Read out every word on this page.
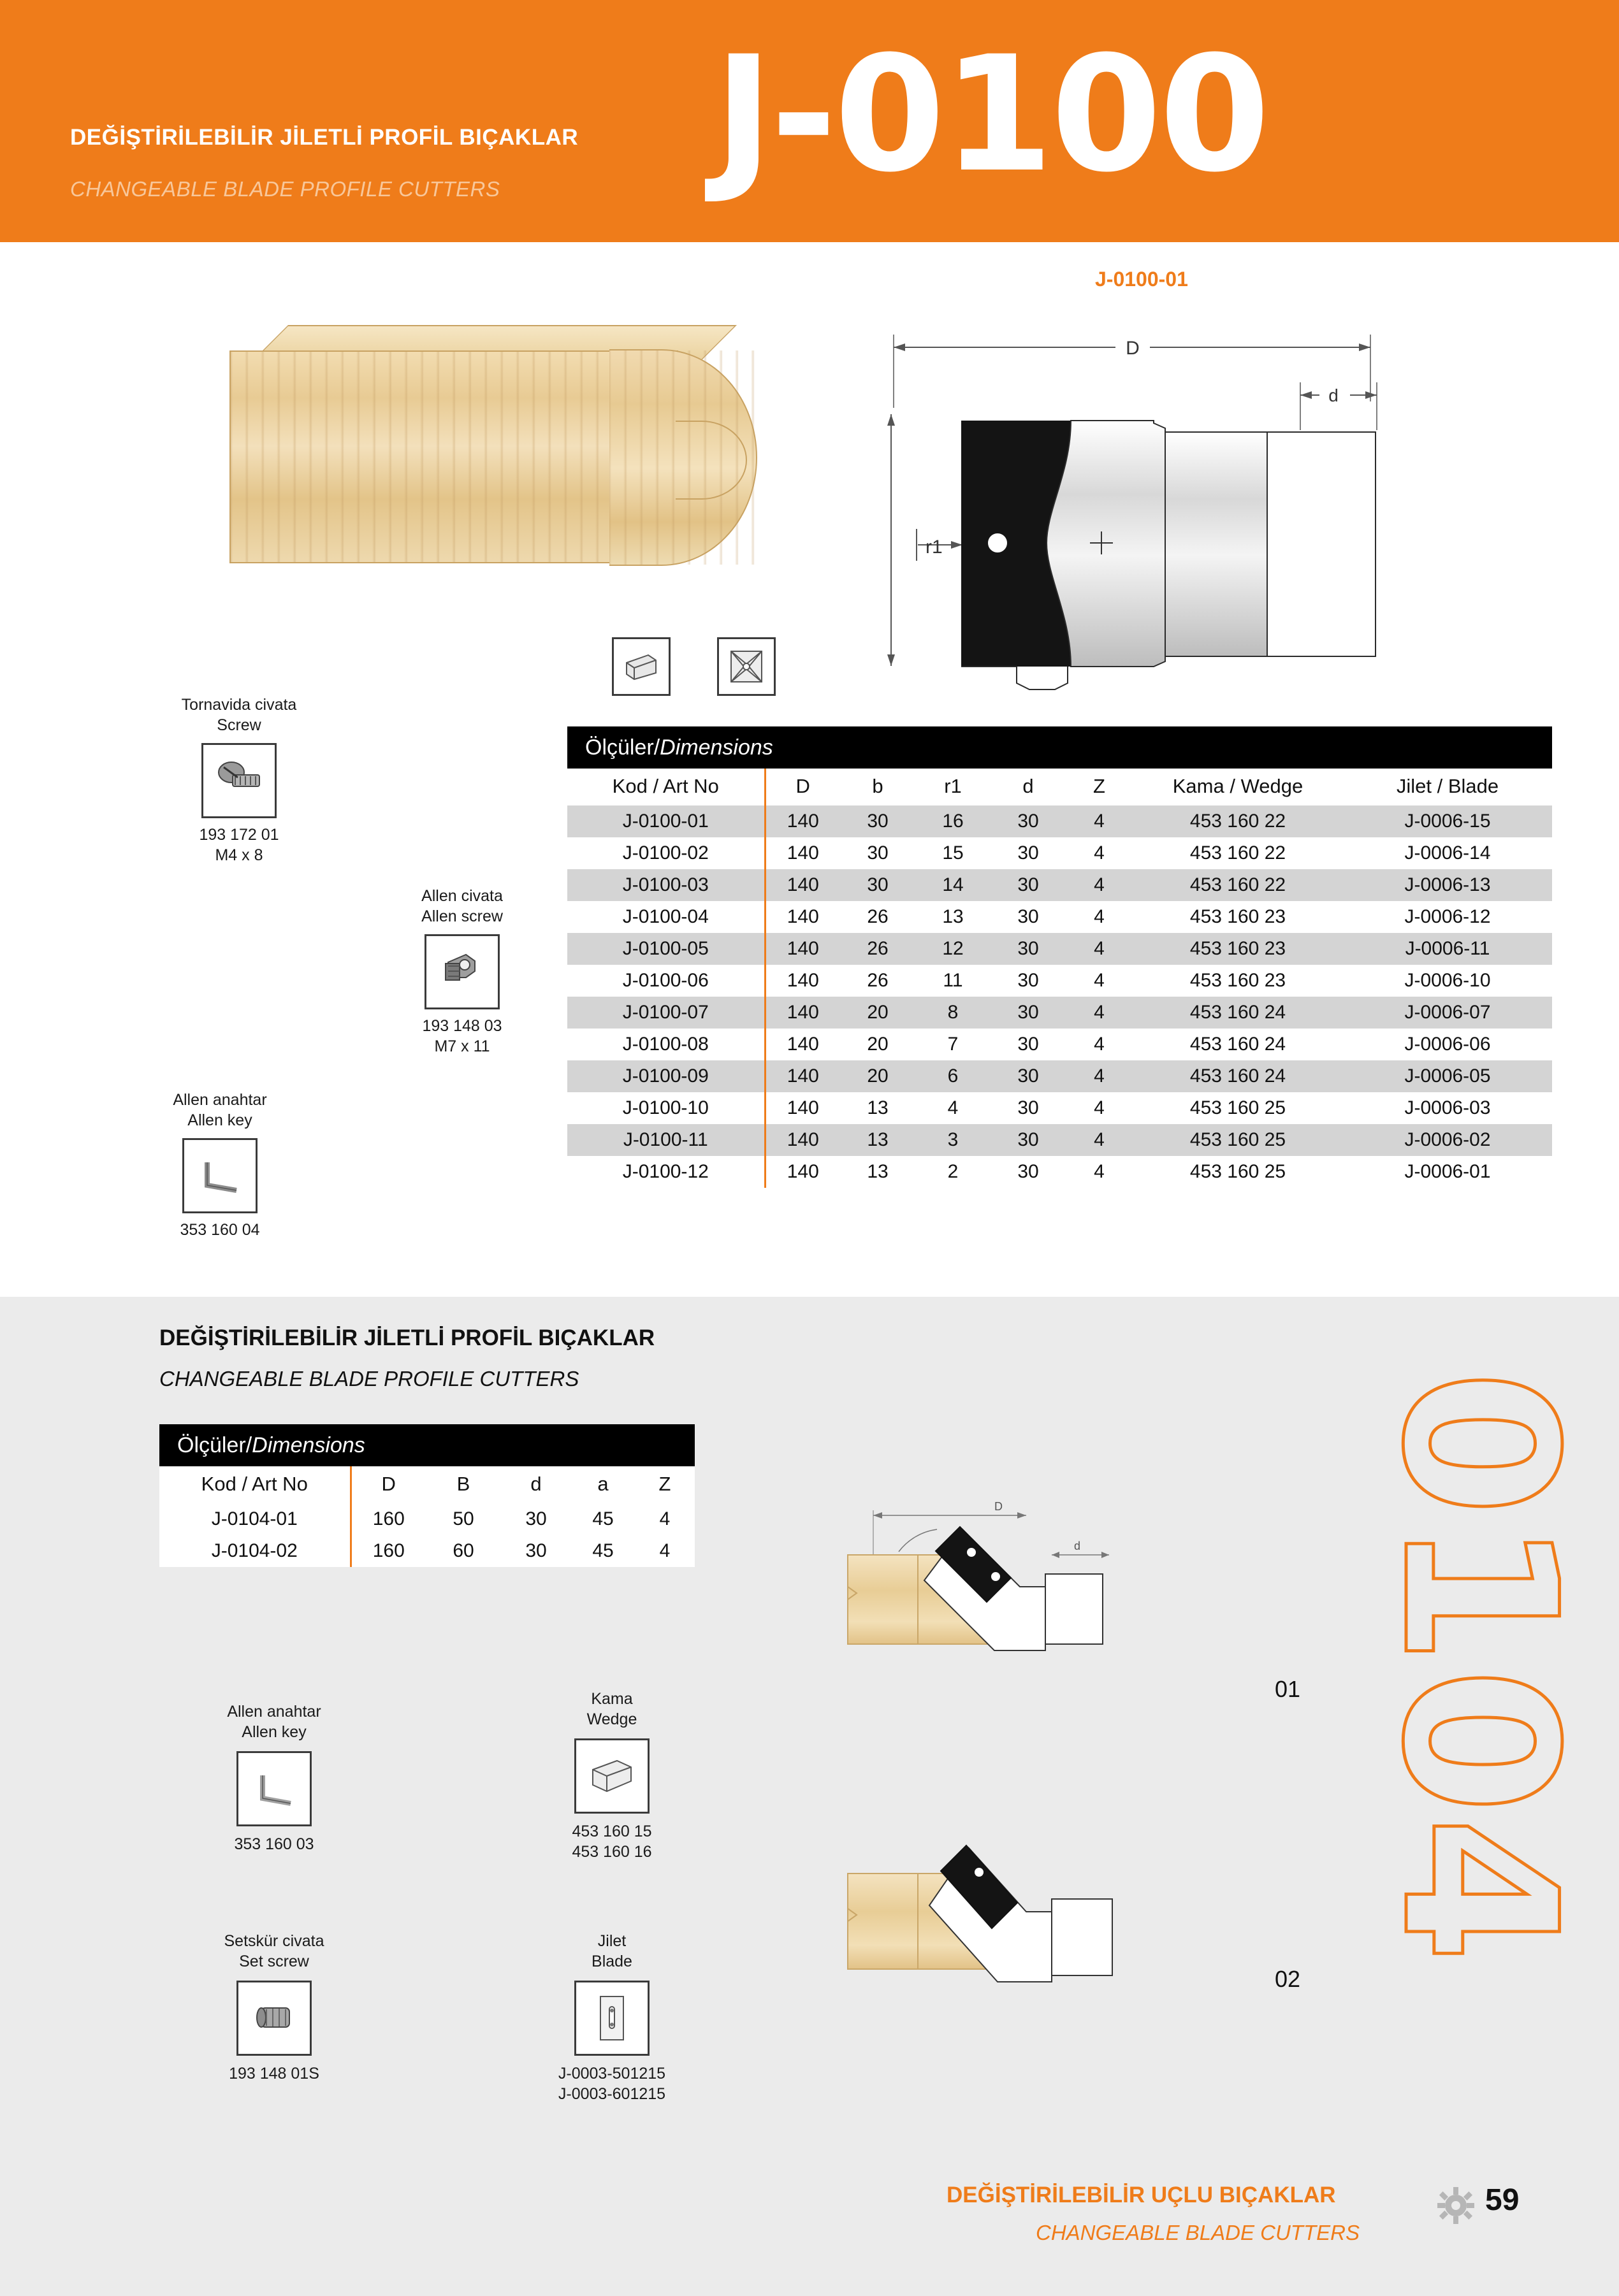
DEĞİŞTİRİLEBİLİR JİLETLİ PROFİL BIÇAKLAR
CHANGEABLE BLADE PROFILE CUTTERS J-0100
J-0100-01
D
d
r1
Tornavida civata
Screw
193 172 01
M4 x 8
Allen civata
Allen screw
193 148 03
M7 x 11
Allen anahtar
Allen key
353 160 04
Ölçüler / Dimensions
Kod / Art No	D	b	r1	d	Z	Kama / Wedge	Jilet / Blade
J-0100-01	140	30	16	30	4	453 160 22	J-0006-15
J-0100-02	140	30	15	30	4	453 160 22	J-0006-14
J-0100-03	140	30	14	30	4	453 160 22	J-0006-13
J-0100-04	140	26	13	30	4	453 160 23	J-0006-12
J-0100-05	140	26	12	30	4	453 160 23	J-0006-11
J-0100-06	140	26	11	30	4	453 160 23	J-0006-10
J-0100-07	140	20	8	30	4	453 160 24	J-0006-07
J-0100-08	140	20	7	30	4	453 160 24	J-0006-06
J-0100-09	140	20	6	30	4	453 160 24	J-0006-05
J-0100-10	140	13	4	30	4	453 160 25	J-0006-03
J-0100-11	140	13	3	30	4	453 160 25	J-0006-02
J-0100-12	140	13	2	30	4	453 160 25	J-0006-01
DEĞİŞTİRİLEBİLİR JİLETLİ PROFİL BIÇAKLAR
CHANGEABLE BLADE PROFILE CUTTERS	0104
Ölçüler / Dimensions
Kod / Art No	D	B	d	a	Z
J-0104-01	160	50	30	45	4
J-0104-02	160	60	30	45	4
Allen anahtar
Allen key
353 160 03
Kama
Wedge
453 160 15
453 160 16
Setskür civata
Set screw
193 148 01S
Jilet
Blade
J-0003-501215
J-0003-601215
D
d
01
02
DEĞİŞTİRİLEBİLİR UÇLU BIÇAKLAR
CHANGEABLE BLADE CUTTERS
59
